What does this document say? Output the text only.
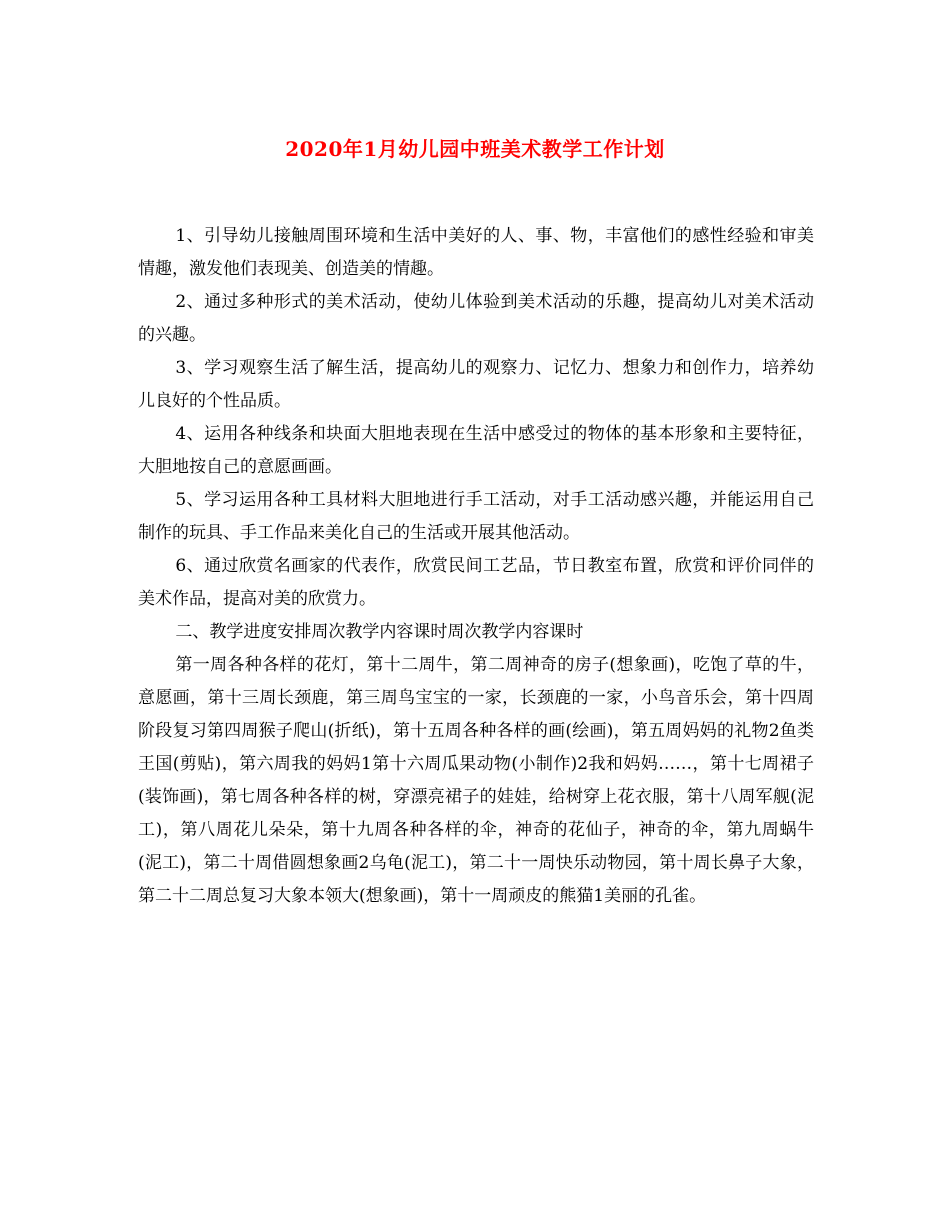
2020年1月幼儿园中班美术教学工作计划

1、引导幼儿接触周围环境和生活中美好的人、事、物，丰富他们的感性经验和审美情趣，激发他们表现美、创造美的情趣。

2、通过多种形式的美术活动，使幼儿体验到美术活动的乐趣，提高幼儿对美术活动的兴趣。

3、学习观察生活了解生活，提高幼儿的观察力、记忆力、想象力和创作力，培养幼儿良好的个性品质。

4、运用各种线条和块面大胆地表现在生活中感受过的物体的基本形象和主要特征，大胆地按自己的意愿画画。

5、学习运用各种工具材料大胆地进行手工活动，对手工活动感兴趣，并能运用自己制作的玩具、手工作品来美化自己的生活或开展其他活动。

6、通过欣赏名画家的代表作，欣赏民间工艺品，节日教室布置，欣赏和评价同伴的美术作品，提高对美的欣赏力。

二、教学进度安排周次教学内容课时周次教学内容课时

第一周各种各样的花灯，第十二周牛，第二周神奇的房子(想象画)，吃饱了草的牛，意愿画，第十三周长颈鹿，第三周鸟宝宝的一家，长颈鹿的一家，小鸟音乐会，第十四周阶段复习第四周猴子爬山(折纸)，第十五周各种各样的画(绘画)，第五周妈妈的礼物2鱼类王国(剪贴)，第六周我的妈妈1第十六周瓜果动物(小制作)2我和妈妈……，第十七周裙子(装饰画)，第七周各种各样的树，穿漂亮裙子的娃娃，给树穿上花衣服，第十八周军舰(泥工)，第八周花儿朵朵，第十九周各种各样的伞，神奇的花仙子，神奇的伞，第九周蜗牛(泥工)，第二十周借圆想象画2乌龟(泥工)，第二十一周快乐动物园，第十周长鼻子大象，第二十二周总复习大象本领大(想象画)，第十一周顽皮的熊猫1美丽的孔雀。
